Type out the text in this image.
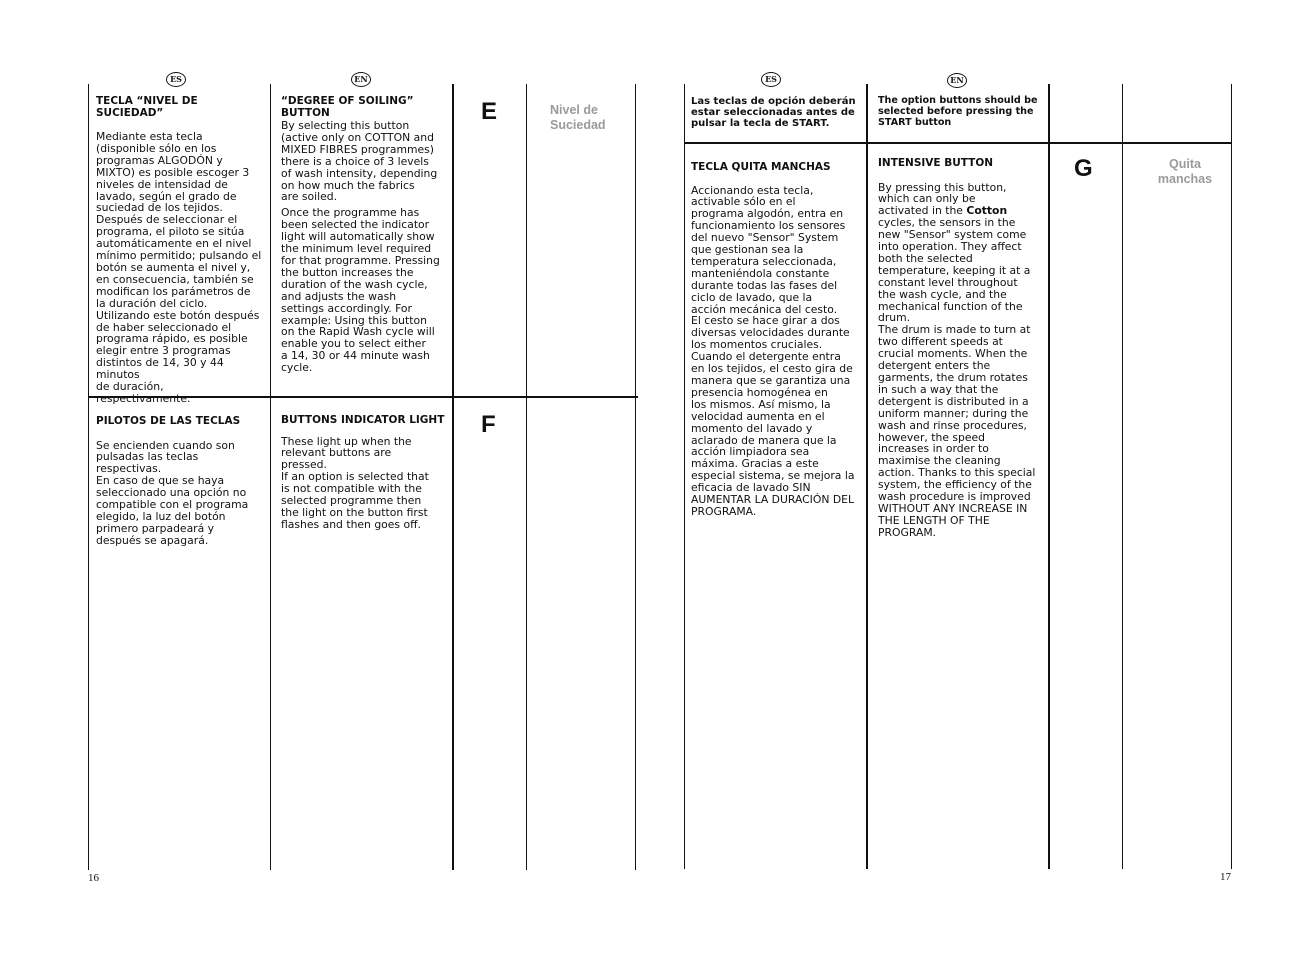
ES	EN
TECLA “NIVEL DE SUCIEDAD”

Mediante esta tecla
(disponible sólo en los
programas ALGODÓN y
MIXTO) es posible escoger 3
niveles de intensidad de
lavado, según el grado de
suciedad de los tejidos.
Después de seleccionar el
programa, el piloto se sitúa
automáticamente en el nivel
mínimo permitido; pulsando el
botón se aumenta el nivel y,
en consecuencia, también se
modifican los parámetros de
la duración del ciclo.
Utilizando este botón después
de haber seleccionado el
programa rápido, es posible
elegir entre 3 programas
distintos de 14, 30 y 44 minutos
de duración,
respectivamente.

“DEGREE OF SOILING”
BUTTON

By selecting this button
(active only on COTTON and
MIXED FIBRES programmes)
there is a choice of 3 levels
of wash intensity, depending
on how much the fabrics
are soiled.

Once the programme has
been selected the indicator
light will automatically show
the minimum level required
for that programme. Pressing
the button increases the
duration of the wash cycle,
and adjusts the wash
settings accordingly. For
example: Using this button
on the Rapid Wash cycle will
enable you to select either
a 14, 30 or 44 minute wash
cycle.

E	Nivel de
Suciedad
PILOTOS DE LAS TECLAS

Se encienden cuando son
pulsadas las teclas
respectivas.
En caso de que se haya
seleccionado una opción no
compatible con el programa
elegido, la luz del botón
primero parpadeará y
después se apagará.

BUTTONS INDICATOR LIGHT

These light up when the
relevant buttons are
pressed.
If an option is selected that
is not compatible with the
selected programme then
the light on the button first
flashes and then goes off.

F
16
ES	EN

Las teclas de opción deberán
estar seleccionadas antes de
pulsar la tecla de START.

The option buttons should be
selected before pressing the
START button

TECLA QUITA MANCHAS

Accionando esta tecla,
activable sólo en el
programa algodón, entra en
funcionamiento los sensores
del nuevo "Sensor" System
que gestionan sea la
temperatura seleccionada,
manteniéndola constante
durante todas las fases del
ciclo de lavado, que la
acción mecánica del cesto.
El cesto se hace girar a dos
diversas velocidades durante
los momentos cruciales.
Cuando el detergente entra
en los tejidos, el cesto gira de
manera que se garantiza una
presencia homogénea en
los mismos. Así mismo, la
velocidad aumenta en el
momento del lavado y
aclarado de manera que la
acción limpiadora sea
máxima. Gracias a este
especial sistema, se mejora la
eficacia de lavado SIN
AUMENTAR LA DURACIÓN DEL
PROGRAMA.

INTENSIVE BUTTON

By pressing this button,
which can only be
activated in the Cotton
cycles, the sensors in the
new "Sensor" system come
into operation. They affect
both the selected
temperature, keeping it at a
constant level throughout
the wash cycle, and the
mechanical function of the
drum.
The drum is made to turn at
two different speeds at
crucial moments. When the
detergent enters the
garments, the drum rotates
in such a way that the
detergent is distributed in a
uniform manner; during the
wash and rinse procedures,
however, the speed
increases in order to
maximise the cleaning
action. Thanks to this special
system, the efficiency of the
wash procedure is improved
WITHOUT ANY INCREASE IN
THE LENGTH OF THE
PROGRAM.

G	Quita
manchas
17
